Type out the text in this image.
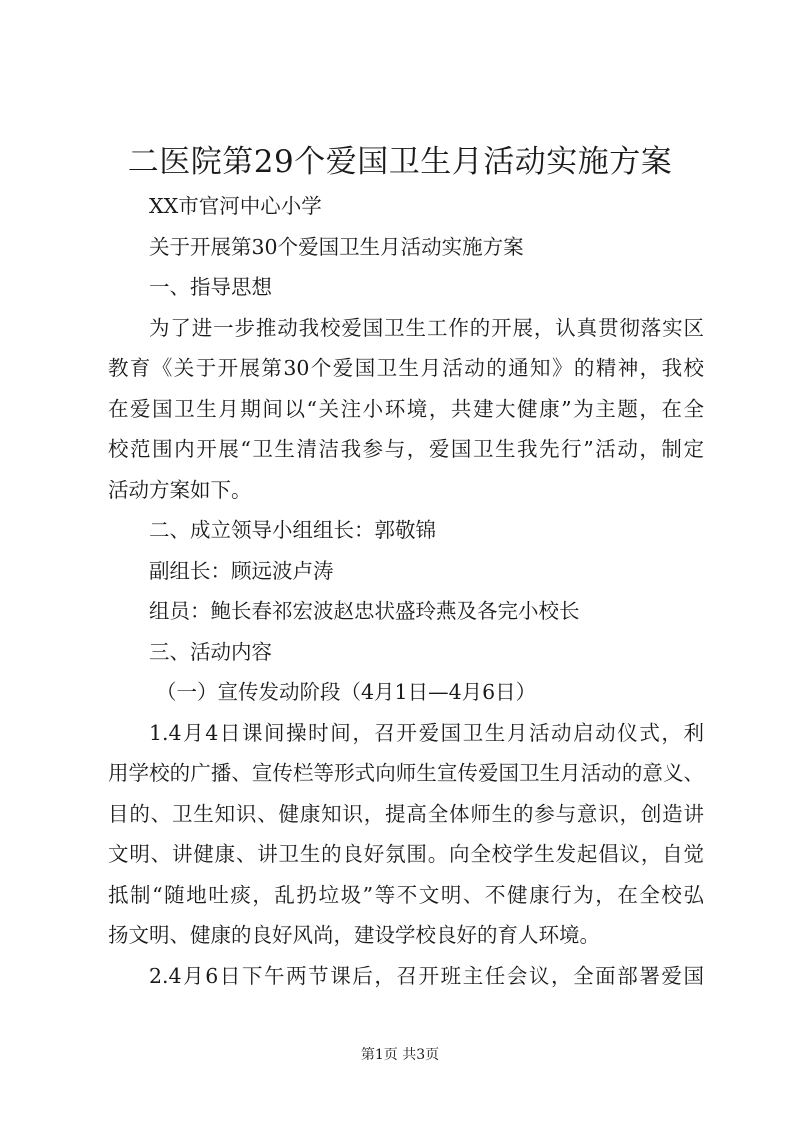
二医院第29个爱国卫生月活动实施方案

XX市官河中心小学

关于开展第30个爱国卫生月活动实施方案

一、指导思想

为了进一步推动我校爱国卫生工作的开展，认真贯彻落实区

教育《关于开展第30个爱国卫生月活动的通知》的精神，我校

在爱国卫生月期间以“关注小环境，共建大健康”为主题，在全

校范围内开展“卫生清洁我参与，爱国卫生我先行”活动，制定

活动方案如下。

二、成立领导小组组长：郭敬锦

副组长：顾远波卢涛

组员：鲍长春祁宏波赵忠状盛玲燕及各完小校长

三、活动内容

（一）宣传发动阶段（4月1日—4月6日）

1.4月4日课间操时间，召开爱国卫生月活动启动仪式，利

用学校的广播、宣传栏等形式向师生宣传爱国卫生月活动的意义、

目的、卫生知识、健康知识，提高全体师生的参与意识，创造讲

文明、讲健康、讲卫生的良好氛围。向全校学生发起倡议，自觉

抵制“随地吐痰，乱扔垃圾”等不文明、不健康行为，在全校弘

扬文明、健康的良好风尚，建设学校良好的育人环境。

2.4月6日下午两节课后，召开班主任会议，全面部署爱国

第1页 共3页
